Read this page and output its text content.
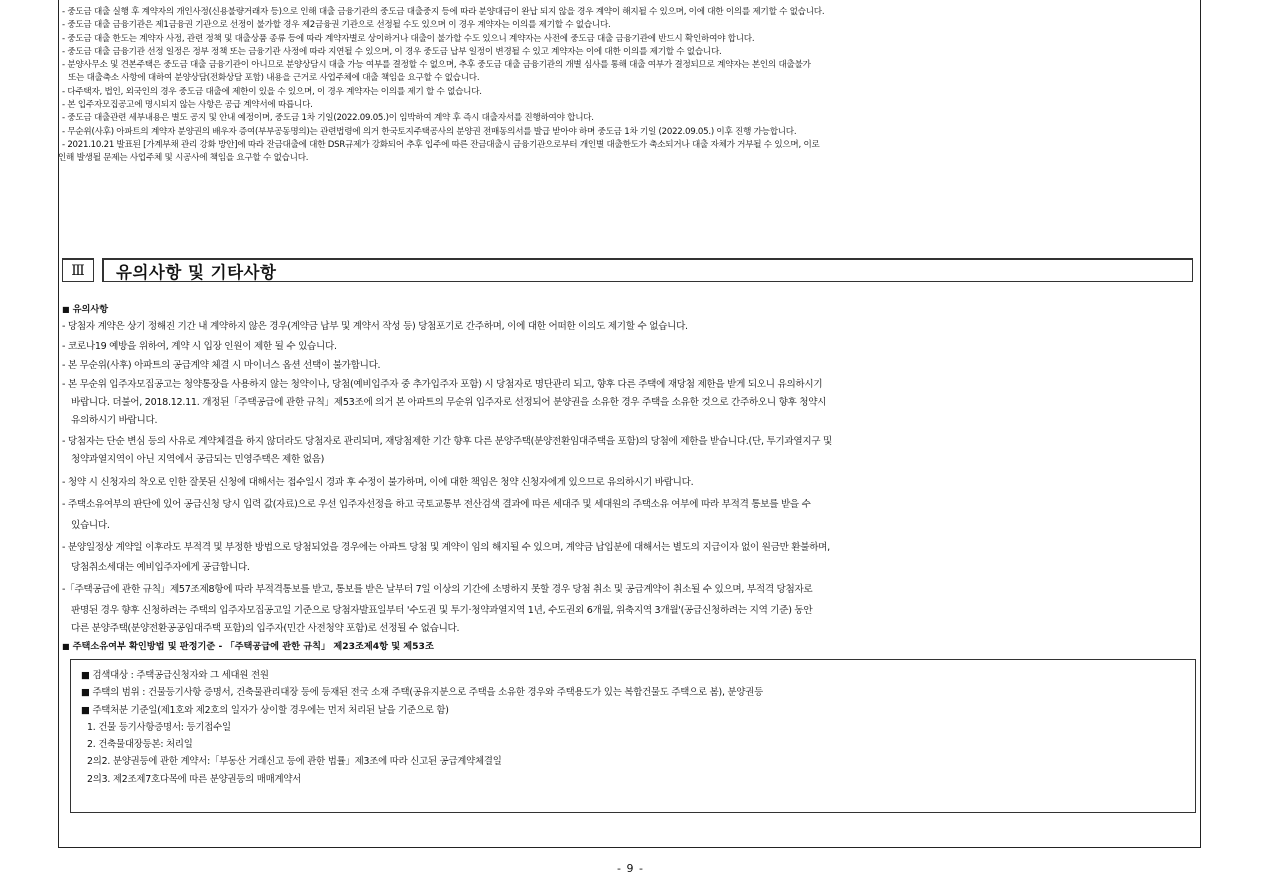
- 중도금 대출 실행 후 계약자의 개인사정(신용불량거래자 등)으로 인해 대출 금융기관의 중도금 대출중지 등에 따라 분양대금이 완납 되지 않을 경우 계약이 해지될 수 있으며, 이에 대한 이의를 제기할 수 없습니다.
- 중도금 대출 금융기관은 제1금융권 기관으로 선정이 불가할 경우 제2금융권 기관으로 선정될 수도 있으며 이 경우 계약자는 이의를 제기할 수 없습니다.
- 중도금 대출 한도는 계약자 사정, 관련 정책 및 대출상품 종류 등에 따라 계약자별로 상이하거나 대출이 불가할 수도 있으니 계약자는 사전에 중도금 대출 금융기관에 반드시 확인하여야 합니다.
- 중도금 대출 금융기관 선정 일정은 정부 정책 또는 금융기관 사정에 따라 지연될 수 있으며, 이 경우 중도금 납부 일정이 변경될 수 있고 계약자는 이에 대한 이의를 제기할 수 없습니다.
- 분양사무소 및 견본주택은 중도금 대출 금융기관이 아니므로 분양상담시 대출 가능 여부를 결정할 수 없으며, 추후 중도금 대출 금융기관의 개별 심사를 통해 대출 여부가 결정되므로 계약자는 본인의 대출불가
또는 대출축소 사항에 대하여 분양상담(전화상담 포함) 내용을 근거로 사업주체에 대출 책임을 요구할 수 없습니다.
- 다주택자, 법인, 외국인의 경우 중도금 대출에 제한이 있을 수 있으며, 이 경우 계약자는 이의를 제기 할 수 없습니다.
- 본 입주자모집공고에 명시되지 않는 사항은 공급 계약서에 따릅니다.
- 중도금 대출관련 세부내용은 별도 공지 및 안내 예정이며, 중도금 1차 기일(2022.09.05.)이 임박하여 계약 후 즉시 대출자서를 진행하여야 합니다.
- 무순위(사후) 아파트의 계약자 분양권의 배우자 증여(부부공동명의)는 관련법령에 의거 한국토지주택공사의 분양권 전매동의서를 발급 받아야 하며 중도금 1차 기일 (2022.09.05.) 이후 진행 가능합니다.
- 2021.10.21 발표된 [가계부채 관리 강화 방안]에 따라 잔금대출에 대한 DSR규제가 강화되어 추후 입주에 따른 잔금대출시 금융기관으로부터 개인별 대출한도가 축소되거나 대출 자체가 거부될 수 있으며, 이로
인해 발생될 문제는 사업주체 및 시공사에 책임을 요구할 수 없습니다.
Ⅲ	유의사항 및 기타사항
■ 유의사항
- 당첨자 계약은 상기 정해진 기간 내 계약하지 않은 경우(계약금 납부 및 계약서 작성 등) 당첨포기로 간주하며, 이에 대한 어떠한 이의도 제기할 수 없습니다.
- 코로나19 예방을 위하여, 계약 시 입장 인원이 제한 될 수 있습니다.
- 본 무순위(사후) 아파트의 공급계약 체결 시 마이너스 옵션 선택이 불가합니다.
- 본 무순위 입주자모집공고는 청약통장을 사용하지 않는 청약이나, 당첨(예비입주자 중 추가입주자 포함) 시 당첨자로 명단관리 되고, 향후 다른 주택에 재당첨 제한을 받게 되오니 유의하시기
바랍니다. 더불어, 2018.12.11. 개정된「주택공급에 관한 규칙」제53조에 의거 본 아파트의 무순위 입주자로 선정되어 분양권을 소유한 경우 주택을 소유한 것으로 간주하오니 향후 청약시
유의하시기 바랍니다.
- 당첨자는 단순 변심 등의 사유로 계약체결을 하지 않더라도 당첨자로 관리되며, 재당첨제한 기간 향후 다른 분양주택(분양전환임대주택을 포함)의 당첨에 제한을 받습니다.(단, 투기과열지구 및
청약과열지역이 아닌 지역에서 공급되는 민영주택은 제한 없음)
- 청약 시 신청자의 착오로 인한 잘못된 신청에 대해서는 접수일시 경과 후 수정이 불가하며, 이에 대한 책임은 청약 신청자에게 있으므로 유의하시기 바랍니다.
- 주택소유여부의 판단에 있어 공급신청 당시 입력 값(자료)으로 우선 입주자선정을 하고 국토교통부 전산검색 결과에 따른 세대주 및 세대원의 주택소유 여부에 따라 부적격 통보를 받을 수
있습니다.
- 분양일정상 계약일 이후라도 부적격 및 부정한 방법으로 당첨되었을 경우에는 아파트 당첨 및 계약이 임의 해지될 수 있으며, 계약금 납입분에 대해서는 별도의 지급이자 없이 원금만 환불하며,
당첨취소세대는 예비입주자에게 공급합니다.
-「주택공급에 관한 규칙」제57조제8항에 따라 부적격통보를 받고, 통보를 받은 날부터 7일 이상의 기간에 소명하지 못할 경우 당첨 취소 및 공급계약이 취소될 수 있으며, 부적격 당첨자로
판명된 경우 향후 신청하려는 주택의 입주자모집공고일 기준으로 당첨자발표일부터 '수도권 및 투기·청약과열지역 1년, 수도권외 6개월, 위축지역 3개월'(공급신청하려는 지역 기준) 동안
다른 분양주택(분양전환공공임대주택 포함)의 입주자(민간 사전청약 포함)로 선정될 수 없습니다.
■ 주택소유여부 확인방법 및 판정기준 - 「주택공급에 관한 규칙」 제23조제4항 및 제53조
■ 검색대상 : 주택공급신청자와 그 세대원 전원
■ 주택의 범위 : 건물등기사항 증명서, 건축물관리대장 등에 등재된 전국 소재 주택(공유지분으로 주택을 소유한 경우와 주택용도가 있는 복합건물도 주택으로 봄), 분양권등
■ 주택처분 기준일(제1호와 제2호의 일자가 상이할 경우에는 먼저 처리된 날을 기준으로 함)
1. 건물 등기사항증명서: 등기접수일
2. 건축물대장등본: 처리일
2의2. 분양권등에 관한 계약서:「부동산 거래신고 등에 관한 법률」제3조에 따라 신고된 공급계약체결일
2의3. 제2조제7호다목에 따른 분양권등의 매매계약서
- 9 -
